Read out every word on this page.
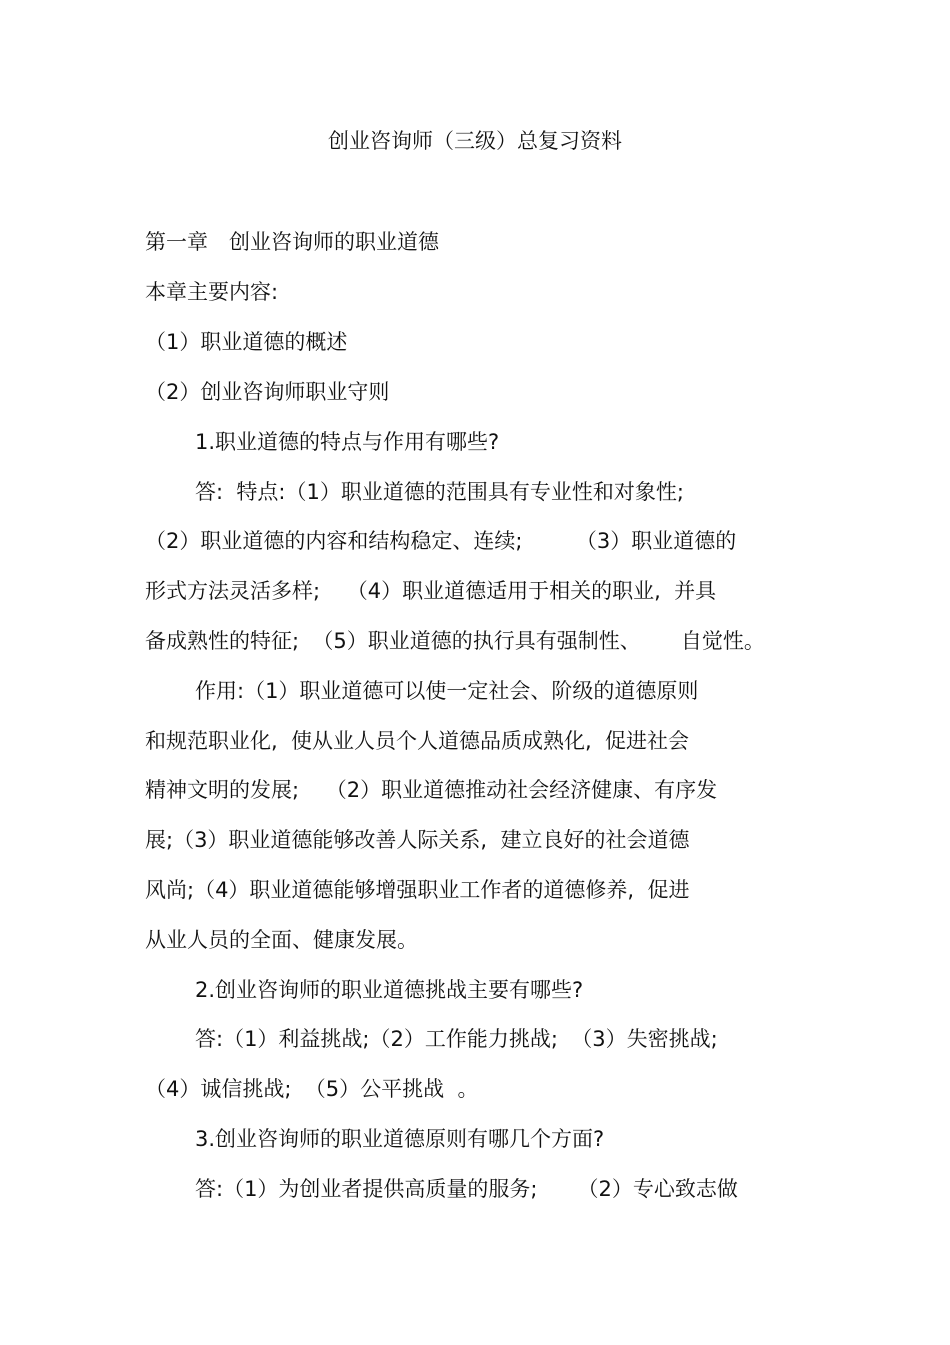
创业咨询师（三级）总复习资料
第一章　创业咨询师的职业道德
本章主要内容:
（1）职业道德的概述
（2）创业咨询师职业守则
1.职业道德的特点与作用有哪些?
答:  特点:（1）职业道德的范围具有专业性和对象性;
（2）职业道德的内容和结构稳定、连续;        （3）职业道德的
形式方法灵活多样;    （4）职业道德适用于相关的职业,  并具
备成熟性的特征;  （5）职业道德的执行具有强制性、      自觉性。
作用:（1）职业道德可以使一定社会、阶级的道德原则
和规范职业化,  使从业人员个人道德品质成熟化,  促进社会
精神文明的发展;    （2）职业道德推动社会经济健康、有序发
展;（3）职业道德能够改善人际关系,  建立良好的社会道德
风尚;（4）职业道德能够增强职业工作者的道德修养,  促进
从业人员的全面、健康发展。
2.创业咨询师的职业道德挑战主要有哪些?
答:（1）利益挑战;（2）工作能力挑战;  （3）失密挑战;
（4）诚信挑战;  （5）公平挑战  。
3.创业咨询师的职业道德原则有哪几个方面?
答:（1）为创业者提供高质量的服务;      （2）专心致志做
